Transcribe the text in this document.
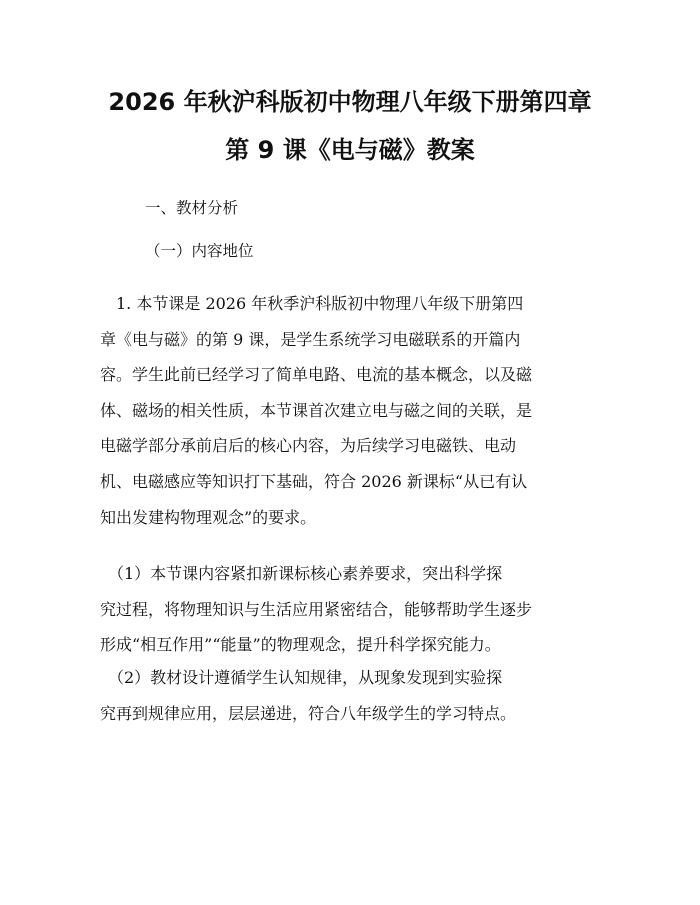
2026 年秋沪科版初中物理八年级下册第四章
第 9 课《电与磁》教案
一、教材分析
（一）内容地位
　1. 本节课是 2026 年秋季沪科版初中物理八年级下册第四
章《电与磁》的第 9 课，是学生系统学习电磁联系的开篇内
容。学生此前已经学习了简单电路、电流的基本概念，以及磁
体、磁场的相关性质，本节课首次建立电与磁之间的关联，是
电磁学部分承前启后的核心内容，为后续学习电磁铁、电动
机、电磁感应等知识打下基础，符合 2026 新课标“从已有认
知出发建构物理观念”的要求。
　（1）本节课内容紧扣新课标核心素养要求，突出科学探
究过程，将物理知识与生活应用紧密结合，能够帮助学生逐步
形成“相互作用”“能量”的物理观念，提升科学探究能力。
　（2）教材设计遵循学生认知规律，从现象发现到实验探
究再到规律应用，层层递进，符合八年级学生的学习特点。
